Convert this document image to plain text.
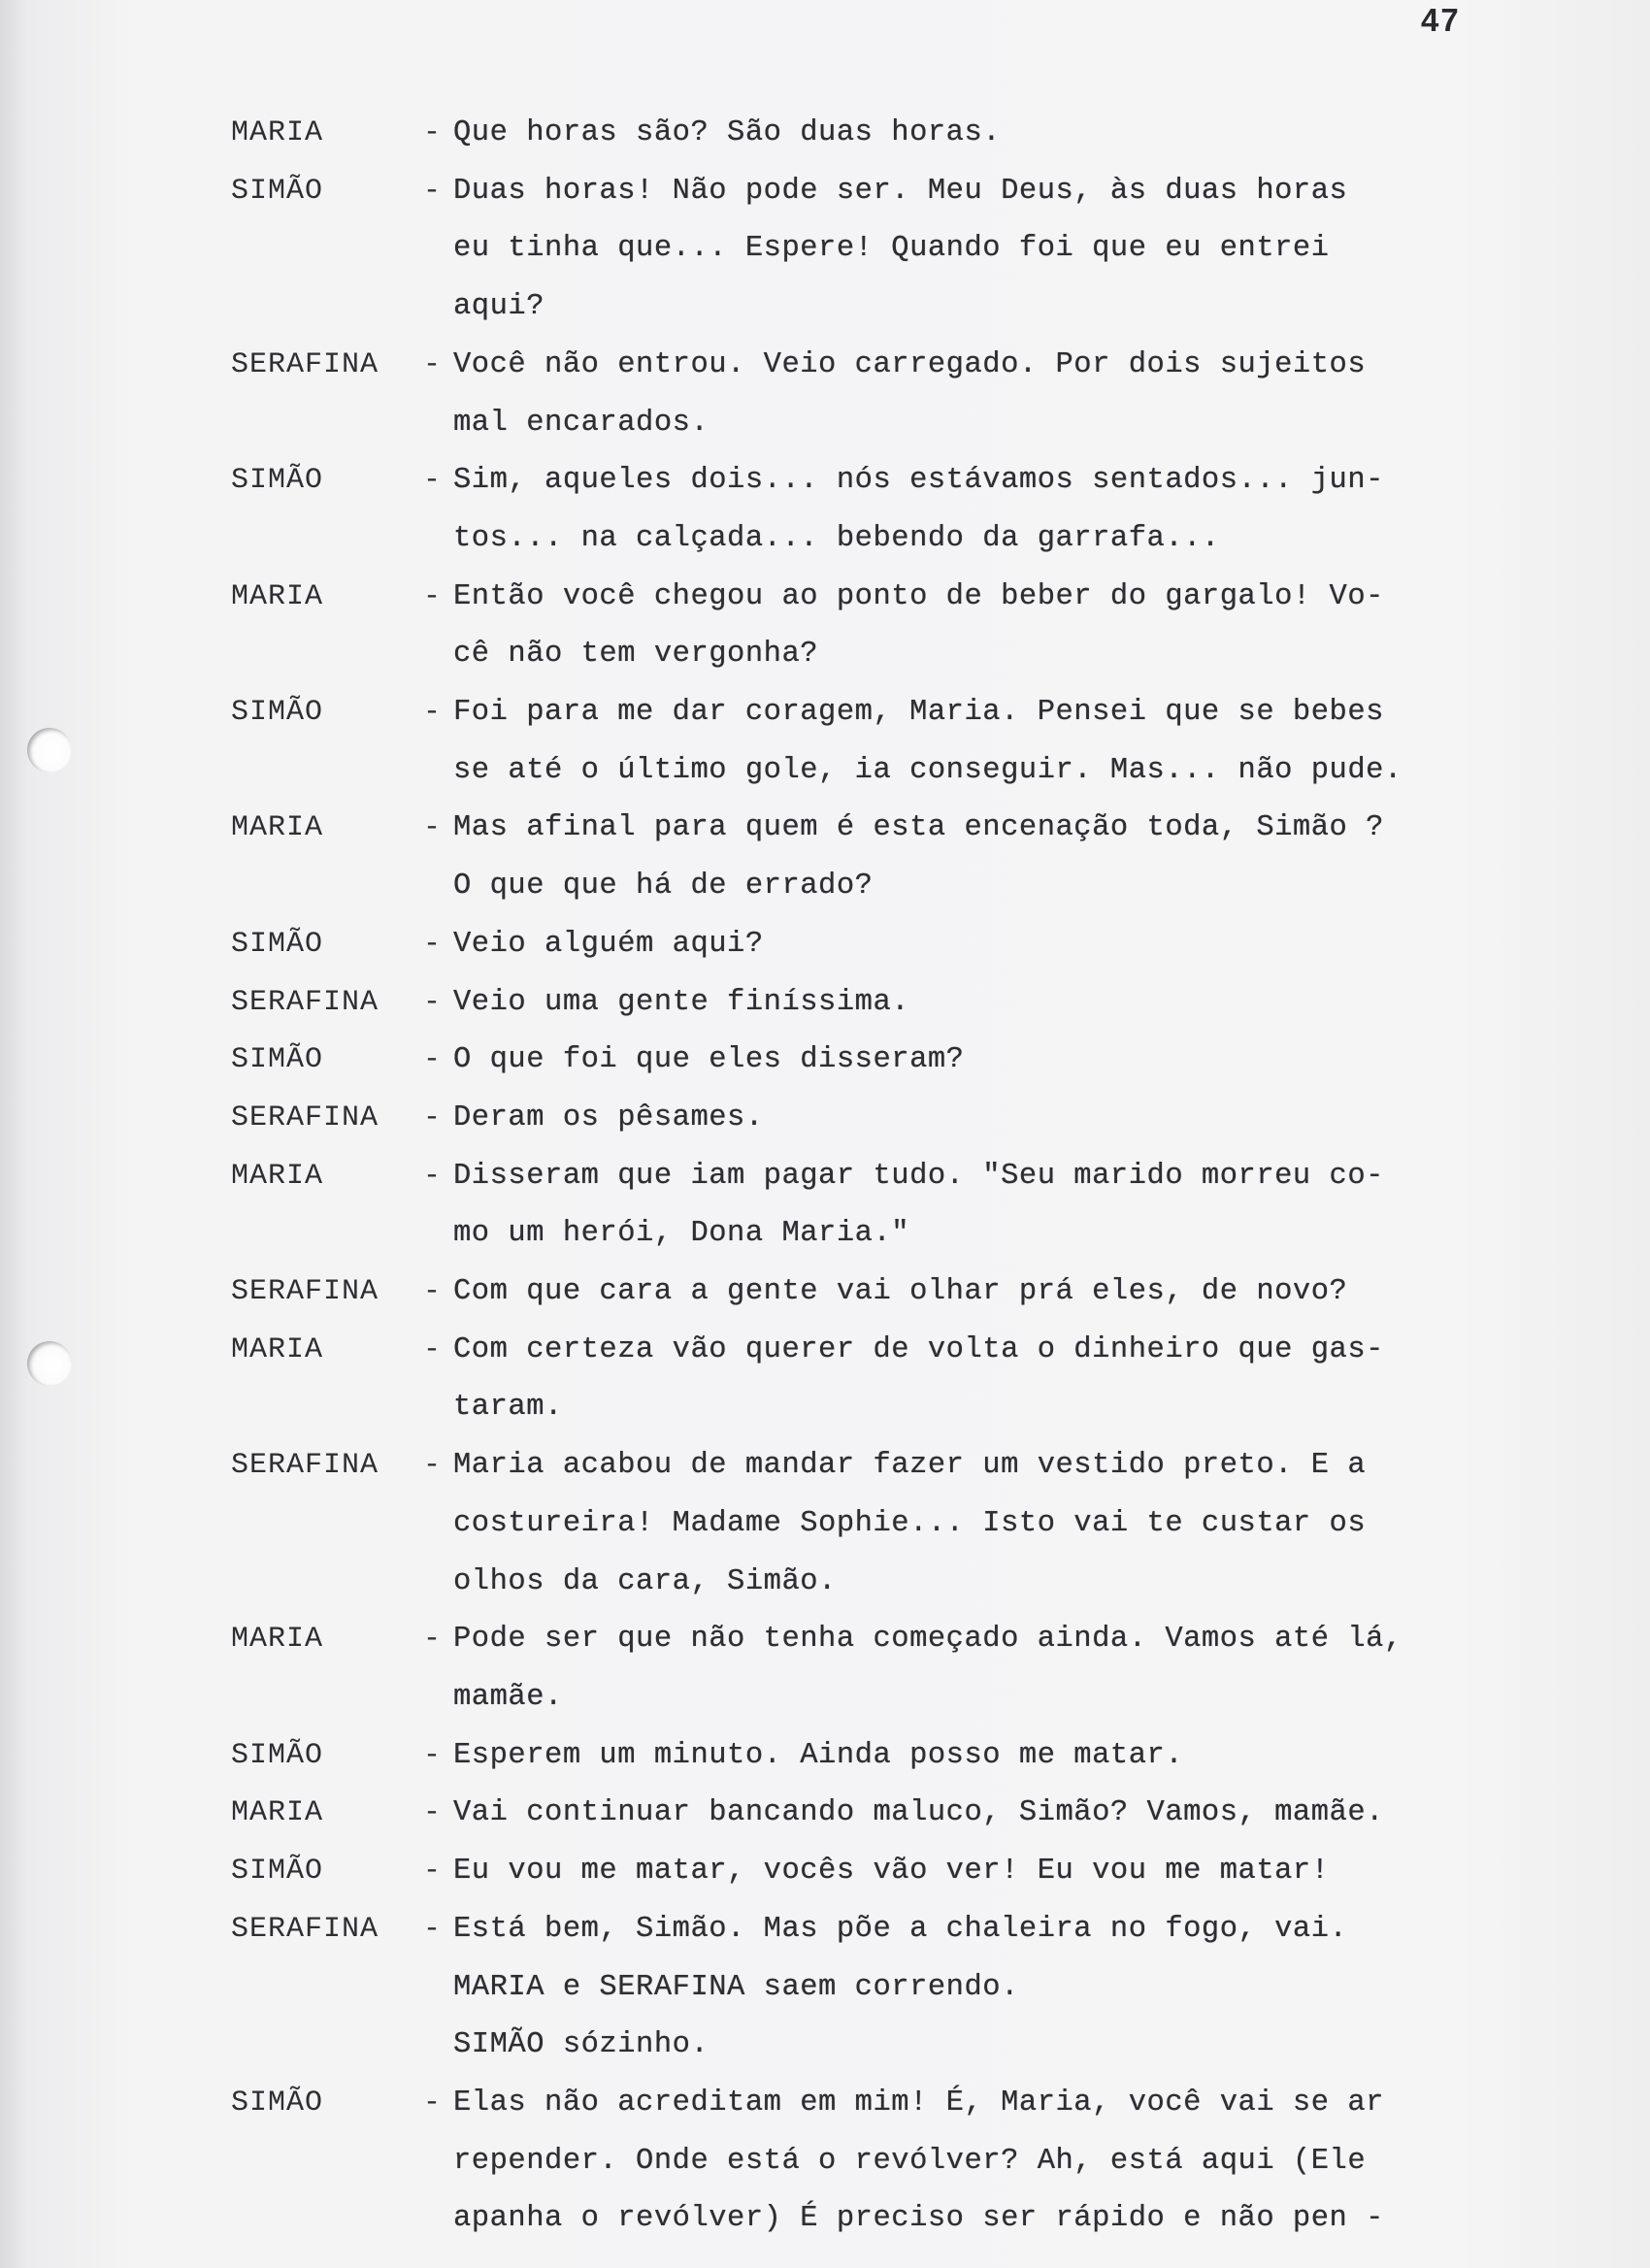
47
MARIA	- Que horas são? São duas horas.
SIMÃO	- Duas horas! Não pode ser. Meu Deus, às duas horas
eu tinha que... Espere! Quando foi que eu entrei
aqui?
SERAFINA	- Você não entrou. Veio carregado. Por dois sujeitos
mal encarados.
SIMÃO	- Sim, aqueles dois... nós estávamos sentados... jun-
tos... na calçada... bebendo da garrafa...
MARIA	- Então você chegou ao ponto de beber do gargalo! Vo-
cê não tem vergonha?
SIMÃO	- Foi para me dar coragem, Maria. Pensei que se bebes
se até o último gole, ia conseguir. Mas... não pude.
MARIA	- Mas afinal para quem é esta encenação toda, Simão ?
O que que há de errado?
SIMÃO	- Veio alguém aqui?
SERAFINA	- Veio uma gente finíssima.
SIMÃO	- O que foi que eles disseram?
SERAFINA	- Deram os pêsames.
MARIA	- Disseram que iam pagar tudo. "Seu marido morreu co-
mo um herói, Dona Maria."
SERAFINA	- Com que cara a gente vai olhar prá eles, de novo?
MARIA	- Com certeza vão querer de volta o dinheiro que gas-
taram.
SERAFINA	- Maria acabou de mandar fazer um vestido preto. E a
costureira! Madame Sophie... Isto vai te custar os
olhos da cara, Simão.
MARIA	- Pode ser que não tenha começado ainda. Vamos até lá,
mamãe.
SIMÃO	- Esperem um minuto. Ainda posso me matar.
MARIA	- Vai continuar bancando maluco, Simão? Vamos, mamãe.
SIMÃO	- Eu vou me matar, vocês vão ver! Eu vou me matar!
SERAFINA	- Está bem, Simão. Mas põe a chaleira no fogo, vai.
MARIA e SERAFINA saem correndo.
SIMÃO sózinho.
SIMÃO	- Elas não acreditam em mim! É, Maria, você vai se ar
repender. Onde está o revólver? Ah, está aqui (Ele
apanha o revólver) É preciso ser rápido e não pen -
